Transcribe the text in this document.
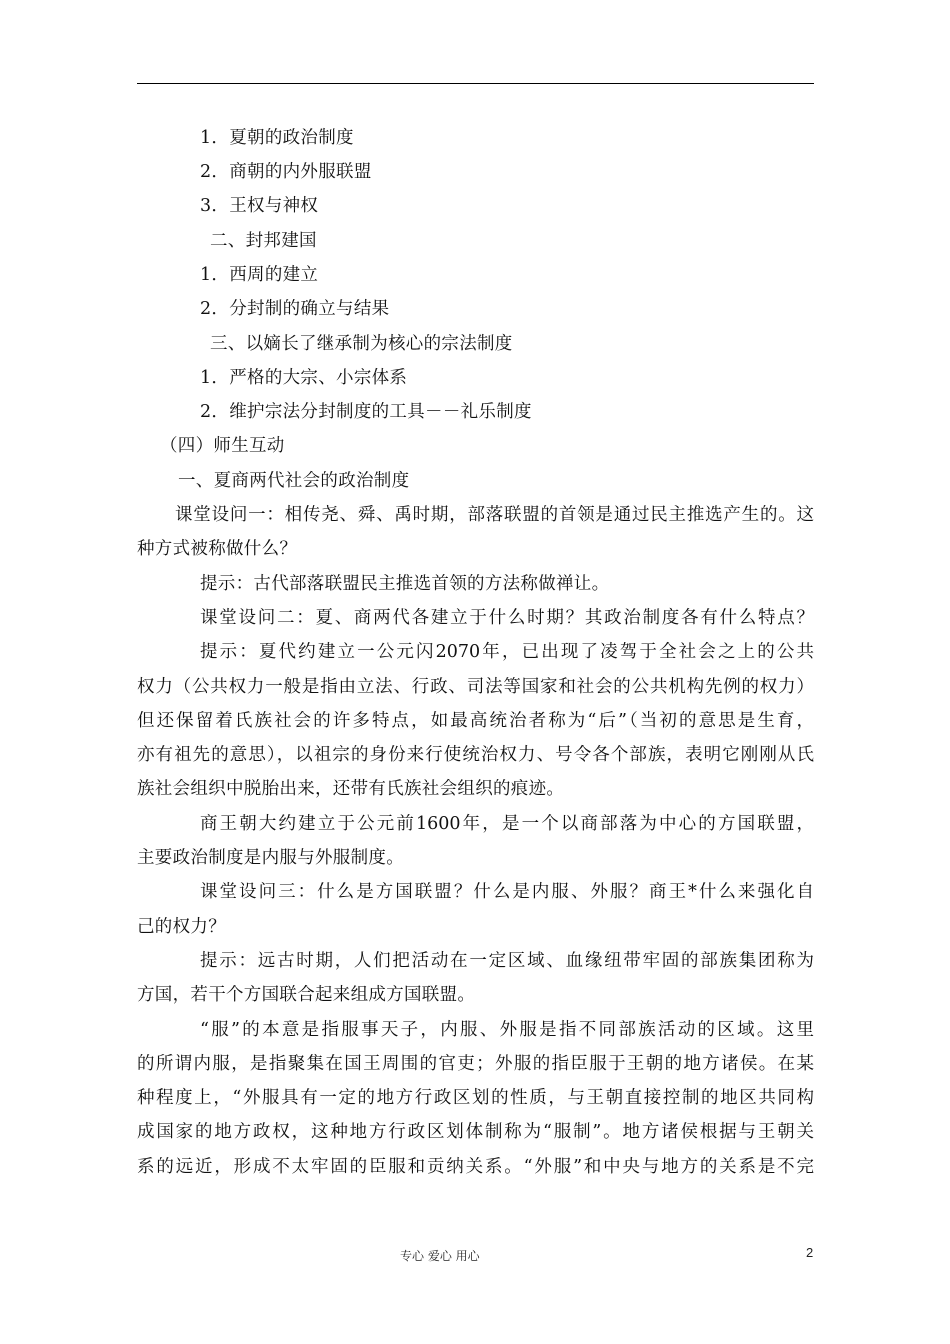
1．夏朝的政治制度
2．商朝的内外服联盟
3．王权与神权
二、封邦建国
1．西周的建立
2．分封制的确立与结果
三、以嫡长了继承制为核心的宗法制度
1．严格的大宗、小宗体系
2．维护宗法分封制度的工具－－礼乐制度
（四）师生互动
一、夏商两代社会的政治制度
课堂设问一：相传尧、舜、禹时期，部落联盟的首领是通过民主推选产生的。这
种方式被称做什么？
提示：古代部落联盟民主推选首领的方法称做禅让。
课堂设问二：夏、商两代各建立于什么时期？其政治制度各有什么特点？
提示：夏代约建立一公元闪2070年，已出现了凌驾于全社会之上的公共
权力（公共权力一般是指由立法、行政、司法等国家和社会的公共机构先例的权力）
但还保留着氏族社会的许多特点，如最高统治者称为“后”（当初的意思是生育，
亦有祖先的意思），以祖宗的身份来行使统治权力、号令各个部族，表明它刚刚从氏
族社会组织中脱胎出来，还带有氏族社会组织的痕迹。
商王朝大约建立于公元前1600年，是一个以商部落为中心的方国联盟，
主要政治制度是内服与外服制度。
课堂设问三：什么是方国联盟？什么是内服、外服？商王*什么来强化自
己的权力？
提示：远古时期，人们把活动在一定区域、血缘纽带牢固的部族集团称为
方国，若干个方国联合起来组成方国联盟。
“服”的本意是指服事天子，内服、外服是指不同部族活动的区域。这里
的所谓内服，是指聚集在国王周围的官吏；外服的指臣服于王朝的地方诸侯。在某
种程度上，“外服具有一定的地方行政区划的性质，与王朝直接控制的地区共同构
成国家的地方政权，这种地方行政区划体制称为“服制”。地方诸侯根据与王朝关
系的远近，形成不太牢固的臣服和贡纳关系。“外服”和中央与地方的关系是不完
专心 爱心 用心	2
